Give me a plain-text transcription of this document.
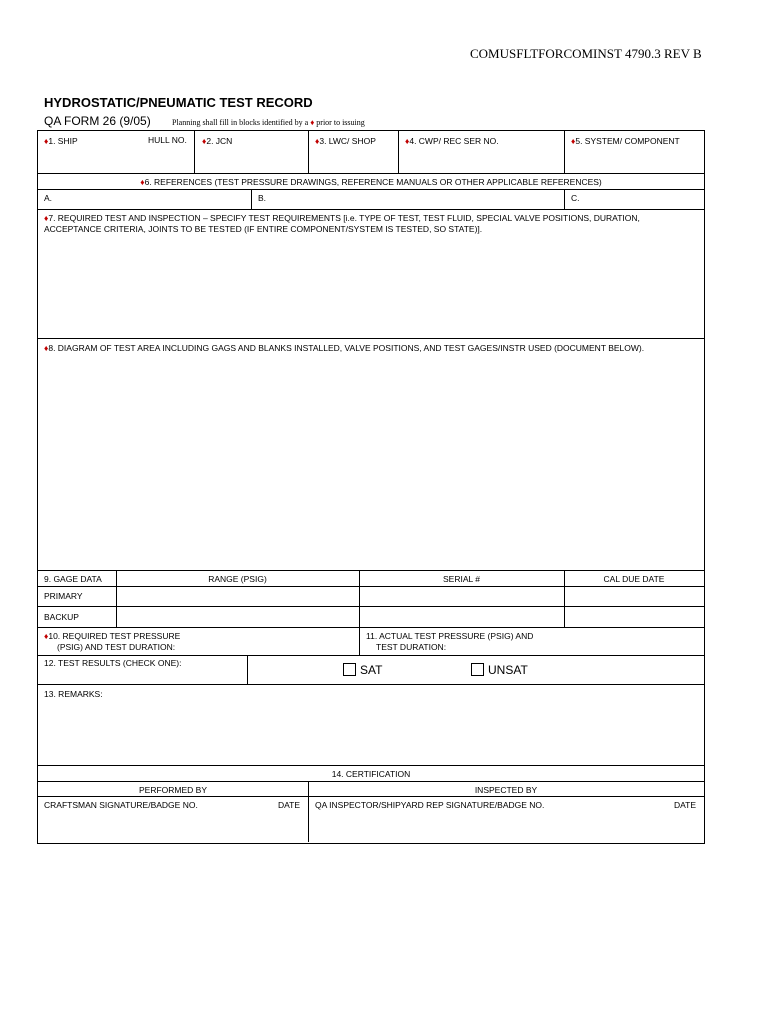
COMUSFLTFORCOMINST 4790.3 REV B
HYDROSTATIC/PNEUMATIC TEST RECORD
QA FORM 26 (9/05)	Planning shall fill in blocks identified by a ♦ prior to issuing
♦1. SHIP	HULL NO. ♦2. JCN	♦3. LWC/ SHOP	♦4. CWP/ REC SER NO.	♦5. SYSTEM/ COMPONENT
♦6. REFERENCES (TEST PRESSURE DRAWINGS, REFERENCE MANUALS OR OTHER APPLICABLE REFERENCES)
A.	B.	C.
♦7. REQUIRED TEST AND INSPECTION – SPECIFY TEST REQUIREMENTS [i.e. TYPE OF TEST, TEST FLUID, SPECIAL VALVE POSITIONS, DURATION,
ACCEPTANCE CRITERIA, JOINTS TO BE TESTED (IF ENTIRE COMPONENT/SYSTEM IS TESTED, SO STATE)].
♦8. DIAGRAM OF TEST AREA INCLUDING GAGS AND BLANKS INSTALLED, VALVE POSITIONS, AND TEST GAGES/INSTR USED (DOCUMENT BELOW).
9. GAGE DATA	RANGE (PSIG)	SERIAL #	CAL DUE DATE
PRIMARY
BACKUP
♦10. REQUIRED TEST PRESSURE
(PSIG) AND TEST DURATION:
11. ACTUAL TEST PRESSURE (PSIG) AND
TEST DURATION:
12. TEST RESULTS (CHECK ONE):	SAT	UNSAT
13. REMARKS:
14. CERTIFICATION
PERFORMED BY	INSPECTED BY
CRAFTSMAN SIGNATURE/BADGE NO.	DATE QA INSPECTOR/SHIPYARD REP SIGNATURE/BADGE NO.	DATE
